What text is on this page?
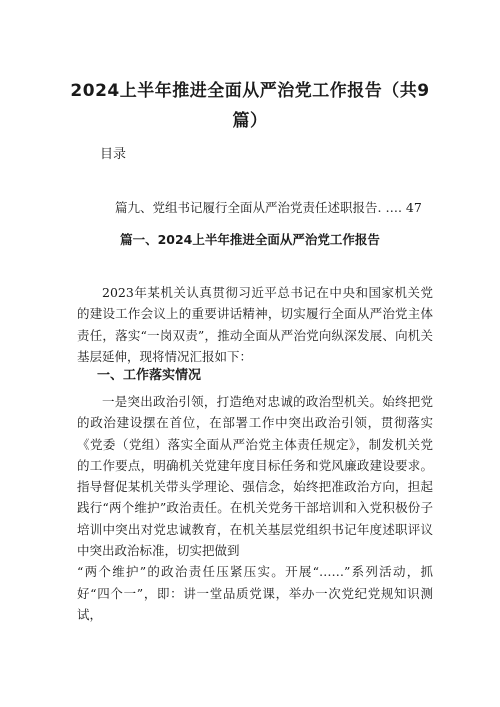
2024上半年推进全面从严治党工作报告（共9篇）
目录
篇九、党组书记履行全面从严治党责任述职报告. …. 47
篇一、2024上半年推进全面从严治党工作报告
2023年某机关认真贯彻习近平总书记在中央和国家机关党的建设工作会议上的重要讲话精神，切实履行全面从严治党主体责任，落实“一岗双责”，推动全面从严治党向纵深发展、向机关基层延伸，现将情况汇报如下：
一、工作落实情况
一是突出政治引领，打造绝对忠诚的政治型机关。始终把党的政治建设摆在首位，在部署工作中突出政治引领，贯彻落实《党委（党组）落实全面从严治党主体责任规定》，制发机关党的工作要点，明确机关党建年度目标任务和党风廉政建设要求。指导督促某机关带头学理论、强信念，始终把准政治方向，担起践行“两个维护”政治责任。在机关党务干部培训和入党积极份子培训中突出对党忠诚教育，在机关基层党组织书记年度述职评议中突出政治标准，切实把做到
“两个维护”的政治责任压紧压实。开展“……”系列活动，抓好“四个一”，即：讲一堂品质党课，举办一次党纪党规知识测试，
